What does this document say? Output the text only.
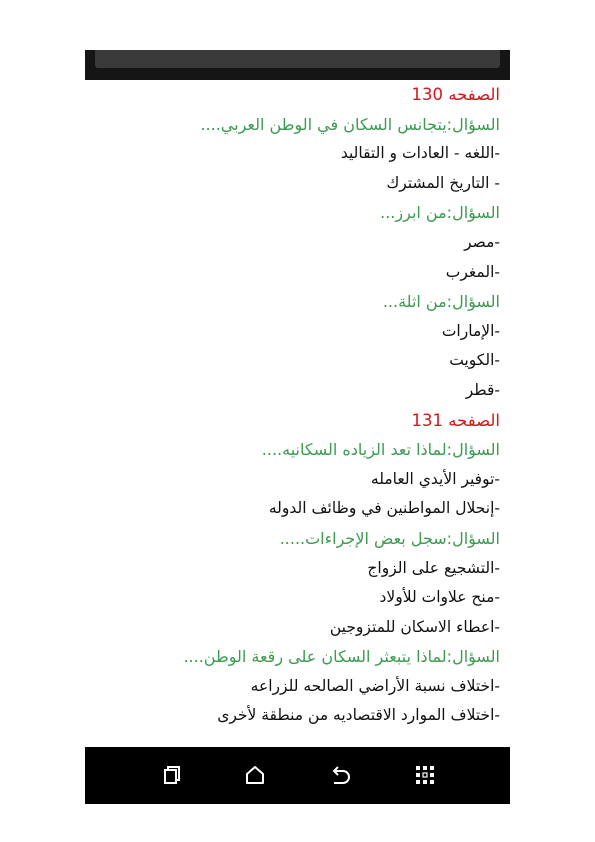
الصفحه 130
السؤال:يتجانس السكان في الوطن العربي....
-اللغه - العادات و التقاليد
- التاريخ المشترك
السؤال:من ابرز...
-مصر
-المغرب
السؤال:من اثلة...
-الإمارات
-الكويت
-قطر
الصفحه 131
السؤال:لماذا تعد الزياده السكانيه....
-توفير الأيدي العامله
-إنحلال المواطنين في وظائف الدوله
السؤال:سجل بعض الإجراءات.....
-التشجيع على الزواج
-منح علاوات للأولاد
-اعطاء الاسكان للمتزوجين
السؤال:لماذا يتبعثر السكان على رقعة الوطن....
-اختلاف نسبة الأراضي الصالحه للزراعه
-اختلاف الموارد الاقتصاديه من منطقة لأخرى
